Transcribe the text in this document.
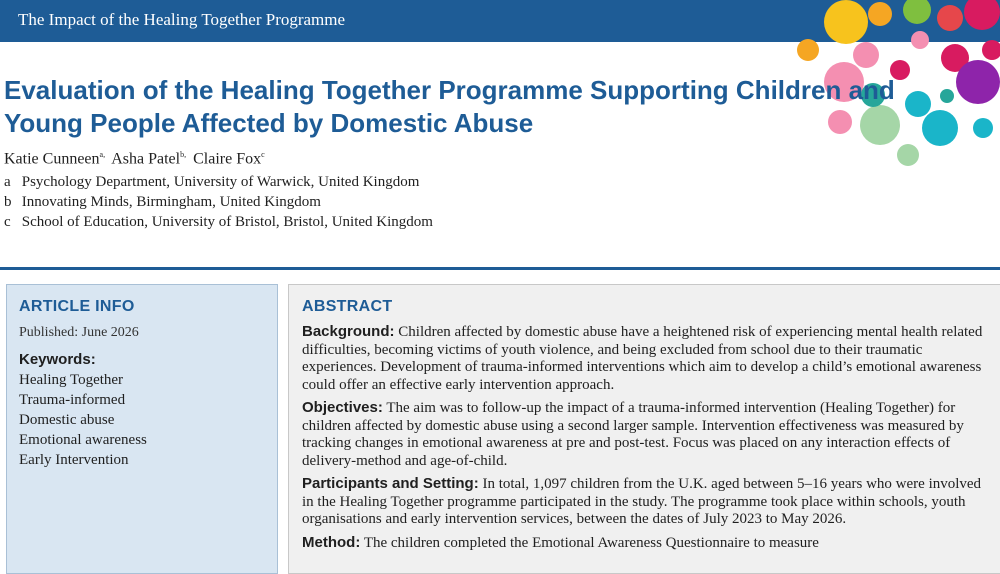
The Impact of the Healing Together Programme
Evaluation of the Healing Together Programme Supporting Children and
Young People Affected by Domestic Abuse
Katie Cunneen$^{a,}$ Asha Patel$^{b,}$ Claire Fox$^c$
a Psychology Department, University of Warwick, United Kingdom
b Innovating Minds, Birmingham, United Kingdom
c School of Education, University of Bristol, Bristol, United Kingdom
ARTICLE INFO
Published: June 2026
Keywords:
Healing Together
Trauma-informed
Domestic abuse
Emotional awareness
Early Intervention
ABSTRACT

Background: Children affected by domestic abuse have a heightened risk of experiencing mental health related difficulties, becoming victims of youth violence, and being excluded from school due to their traumatic experiences. Development of trauma-informed interventions which aim to develop a child’s emotional awareness could offer an effective early intervention approach.

Objectives: The aim was to follow-up the impact of a trauma-informed intervention (Healing Together) for children affected by domestic abuse using a second larger sample. Intervention effectiveness was measured by tracking changes in emotional awareness at pre and post-test. Focus was placed on any interaction effects of delivery-method and age-of-child.

Participants and Setting: In total, 1,097 children from the U.K. aged between 5–16 years who were involved in the Healing Together programme participated in the study. The programme took place within schools, youth organisations and early intervention services, between the dates of July 2023 to May 2026.

Method: The children completed the Emotional Awareness Questionnaire to measure
